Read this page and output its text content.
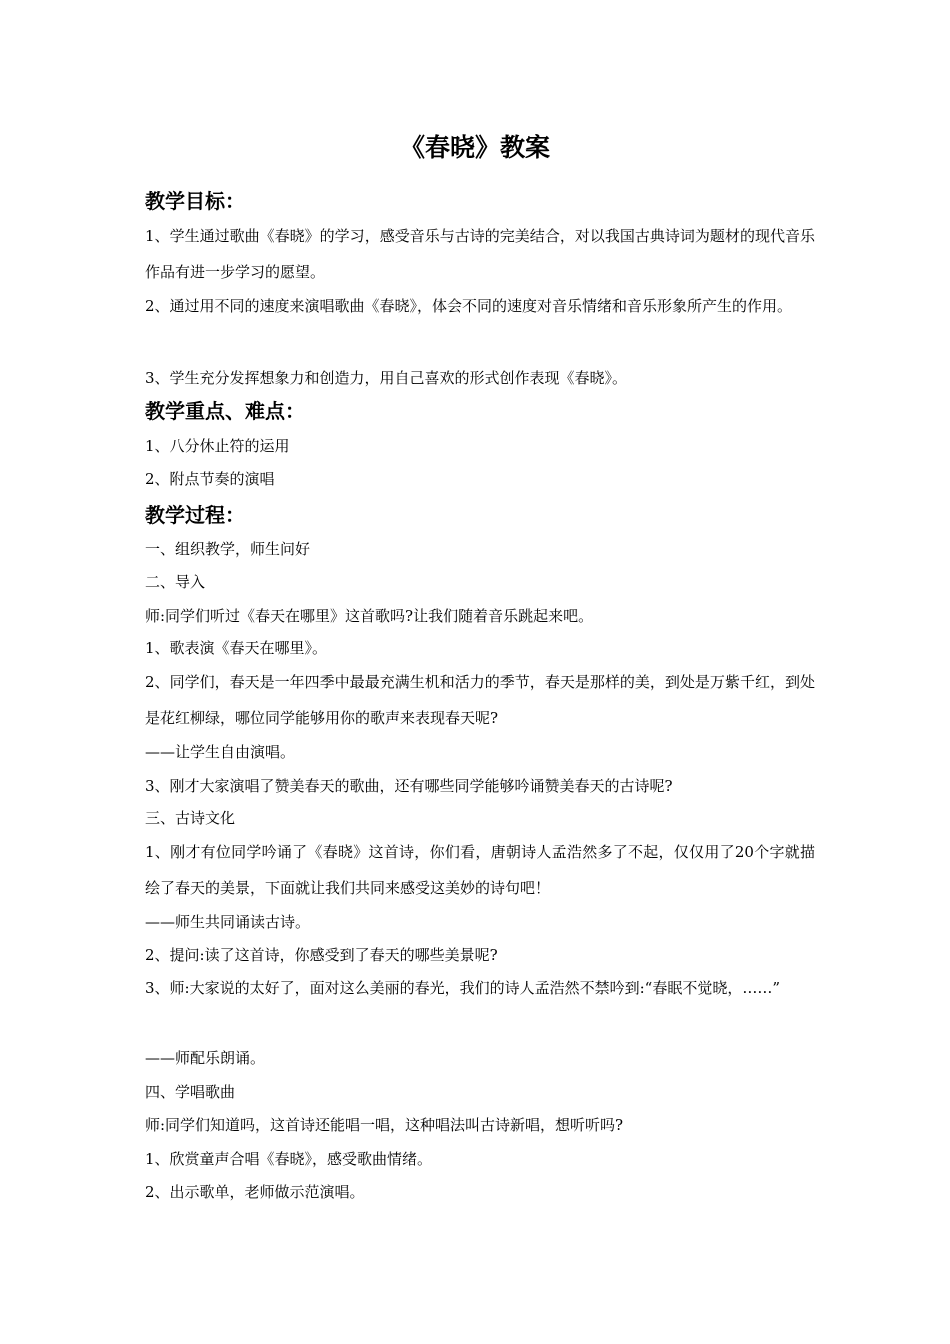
《春晓》教案
教学目标：
1、学生通过歌曲《春晓》的学习，感受音乐与古诗的完美结合，对以我国古典诗词为题材的现代音乐作品有进一步学习的愿望。
2、通过用不同的速度来演唱歌曲《春晓》，体会不同的速度对音乐情绪和音乐形象所产生的作用。
3、学生充分发挥想象力和创造力，用自己喜欢的形式创作表现《春晓》。
教学重点、难点：
1、八分休止符的运用
2、附点节奏的演唱
教学过程：
一、组织教学，师生问好
二、导入
师:同学们听过《春天在哪里》这首歌吗?让我们随着音乐跳起来吧。
1、歌表演《春天在哪里》。
2、同学们，春天是一年四季中最最充满生机和活力的季节，春天是那样的美，到处是万紫千红，到处是花红柳绿，哪位同学能够用你的歌声来表现春天呢?
——让学生自由演唱。
3、刚才大家演唱了赞美春天的歌曲，还有哪些同学能够吟诵赞美春天的古诗呢?
三、古诗文化
1、刚才有位同学吟诵了《春晓》这首诗，你们看，唐朝诗人孟浩然多了不起，仅仅用了20个字就描绘了春天的美景，下面就让我们共同来感受这美妙的诗句吧！
——师生共同诵读古诗。
2、提问:读了这首诗，你感受到了春天的哪些美景呢?
3、师:大家说的太好了，面对这么美丽的春光，我们的诗人孟浩然不禁吟到:“春眠不觉晓，……”
——师配乐朗诵。
四、学唱歌曲
师:同学们知道吗，这首诗还能唱一唱，这种唱法叫古诗新唱，想听听吗?
1、欣赏童声合唱《春晓》，感受歌曲情绪。
2、出示歌单，老师做示范演唱。
